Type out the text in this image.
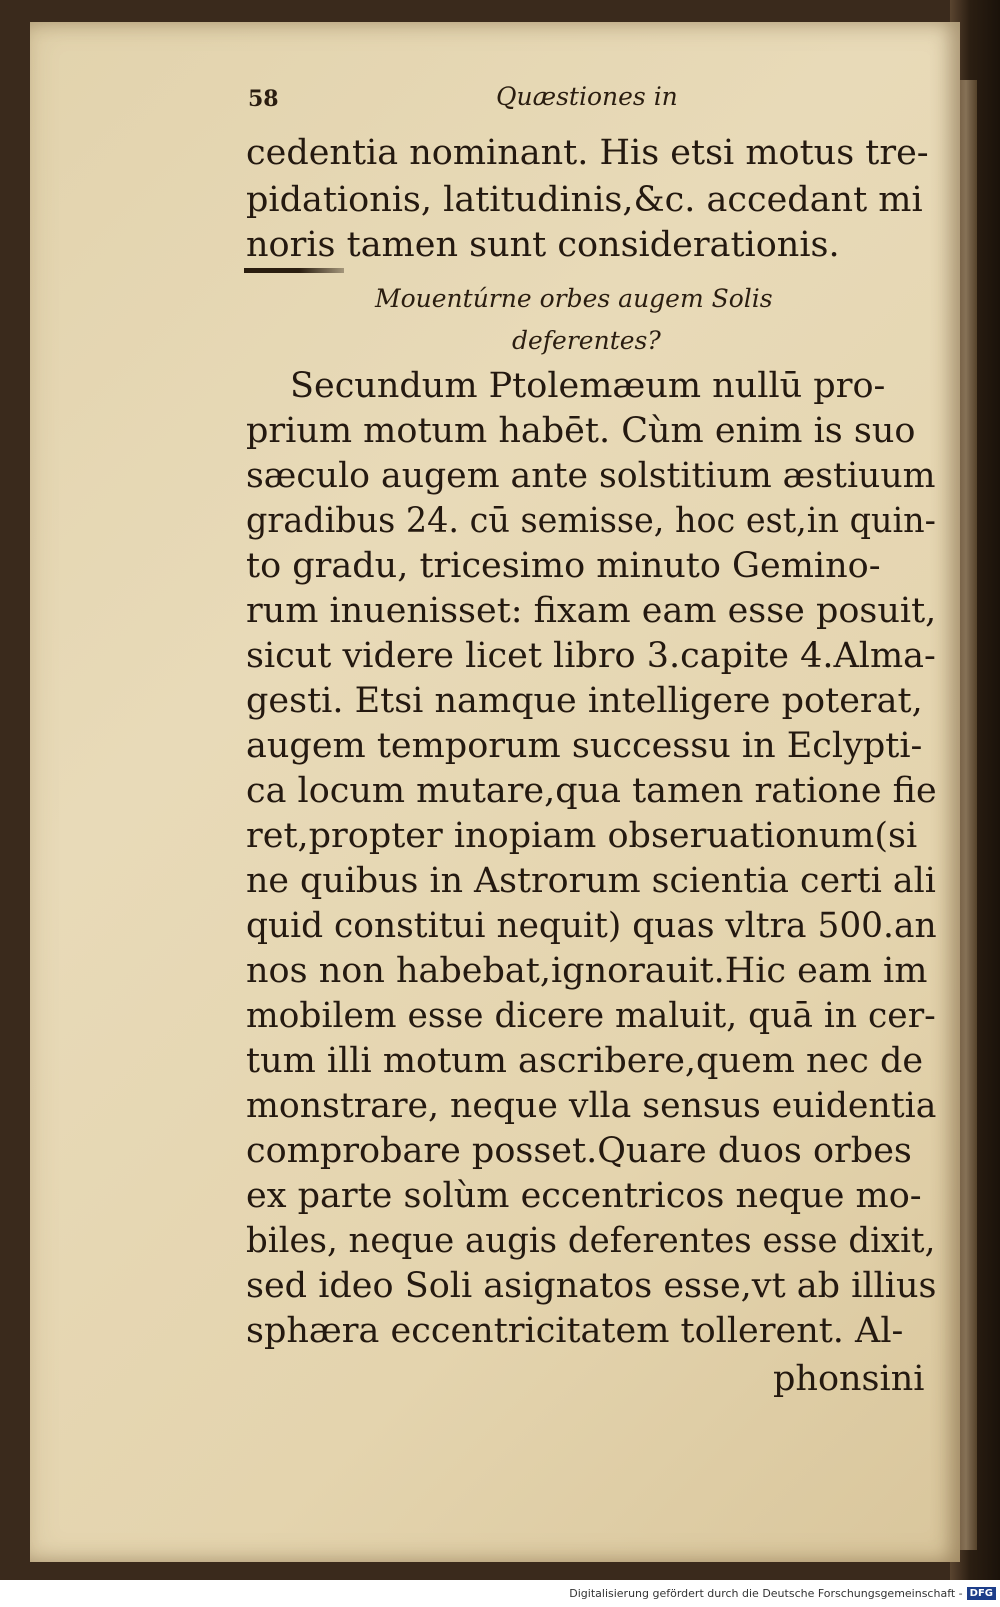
58	Quæstiones in
cedentia nominant. His etsi motus tre-
pidationis, latitudinis,&c. accedant mi
noris tamen sunt considerationis.
Mouentúrne orbes augem Solis
deferentes?
Secundum Ptolemæum nullū pro-
prium motum habēt. Cùm enim is suo
sæculo augem ante solstitium æstiuum
gradibus 24. cū semisse, hoc est,in quin-
to gradu, tricesimo minuto Gemino-
rum inuenisset: fixam eam esse posuit,
sicut videre licet libro 3.capite 4.Alma-
gesti. Etsi namque intelligere poterat,
augem temporum successu in Eclypti-
ca locum mutare,qua tamen ratione fie
ret,propter inopiam obseruationum(si
ne quibus in Astrorum scientia certi ali
quid constitui nequit) quas vltra 500.an
nos non habebat,ignorauit.Hic eam im
mobilem esse dicere maluit, quā in cer-
tum illi motum ascribere,quem nec de
monstrare, neque vlla sensus euidentia
comprobare posset.Quare duos orbes
ex parte solùm eccentricos neque mo-
biles, neque augis deferentes esse dixit,
sed ideo Soli asignatos esse,vt ab illius
sphæra eccentricitatem tollerent. Al-
phonsini
Digitalisierung gefördert durch die Deutsche Forschungsgemeinschaft - DFG
